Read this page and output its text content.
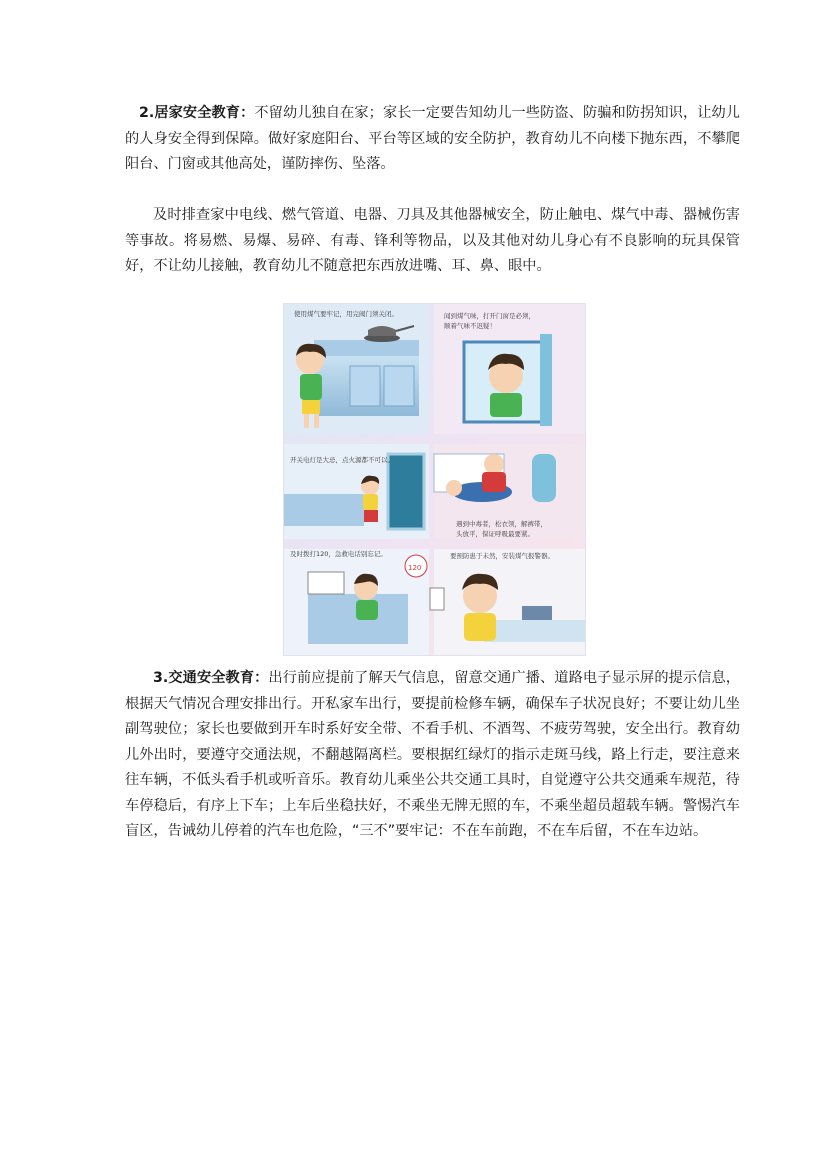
2.居家安全教育：不留幼儿独自在家；家长一定要告知幼儿一些防盗、防骗和防拐知识，让幼儿的人身安全得到保障。做好家庭阳台、平台等区域的安全防护，教育幼儿不向楼下抛东西，不攀爬阳台、门窗或其他高处，谨防摔伤、坠落。

及时排查家中电线、燃气管道、电器、刀具及其他器械安全，防止触电、煤气中毒、器械伤害等事故。将易燃、易爆、易碎、有毒、锋利等物品，以及其他对幼儿身心有不良影响的玩具保管好，不让幼儿接触，教育幼儿不随意把东西放进嘴、耳、鼻、眼中。

使用煤气要牢记，用完阀门须关闭。	闻到煤气味，打开门窗是必须，
顺着气味不迟疑！
开关电灯是大忌，点火源都不可以。
遇到中毒者，松衣领，解裤带，
头放平，保证呼吸最要紧。
120
及时拨打120，急救电话别忘记。	要预防患于未然，安装煤气报警器。

3.交通安全教育：出行前应提前了解天气信息，留意交通广播、道路电子显示屏的提示信息，根据天气情况合理安排出行。开私家车出行，要提前检修车辆，确保车子状况良好；不要让幼儿坐副驾驶位；家长也要做到开车时系好安全带、不看手机、不酒驾、不疲劳驾驶，安全出行。教育幼儿外出时，要遵守交通法规，不翻越隔离栏。要根据红绿灯的指示走斑马线，路上行走，要注意来往车辆，不低头看手机或听音乐。教育幼儿乘坐公共交通工具时，自觉遵守公共交通乘车规范，待车停稳后，有序上下车；上车后坐稳扶好，不乘坐无牌无照的车，不乘坐超员超载车辆。警惕汽车盲区，告诫幼儿停着的汽车也危险，“三不”要牢记：不在车前跑，不在车后留，不在车边站。
